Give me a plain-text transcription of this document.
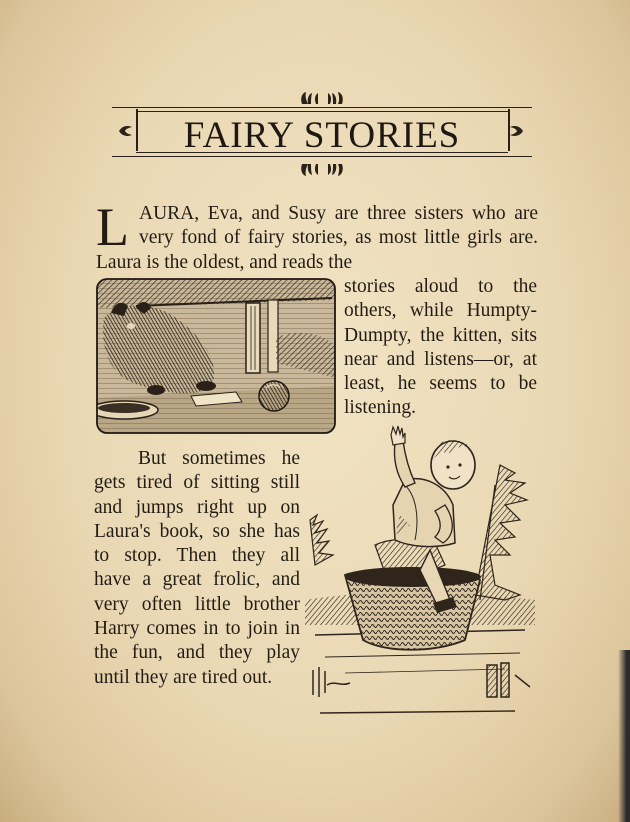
FAIRY STORIES
LAURA, Eva, and Susy are three sisters who are very fond of fairy stories, as most little girls are. Laura is the oldest, and reads the
stories aloud to the others, while Humpty-Dumpty, the kitten, sits near and listens—or, at least, he seems to be listening.
But sometimes he gets tired of sitting still and jumps right up on Laura's book, so she has to stop. Then they all have a great frolic, and very often little brother Harry comes in to join in the fun, and they play until they are tired out.
